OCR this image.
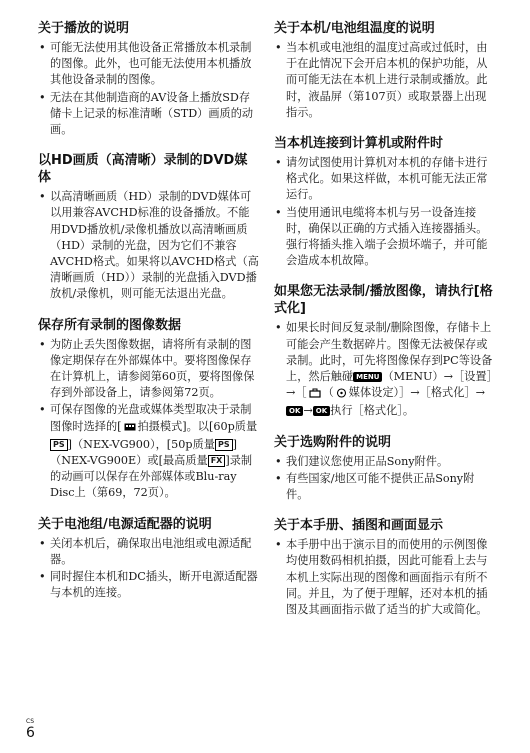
关于播放的说明
• 可能无法使用其他设备正常播放本机录制的图像。此外，也可能无法使用本机播放其他设备录制的图像。
• 无法在其他制造商的AV设备上播放SD存储卡上记录的标准清晰（STD）画质的动画。
以HD画质（高清晰）录制的DVD媒体
• 以高清晰画质（HD）录制的DVD媒体可以用兼容AVCHD标准的设备播放。不能用DVD播放机/录像机播放以高清晰画质（HD）录制的光盘，因为它们不兼容AVCHD格式。如果将以AVCHD格式（高清晰画质（HD））录制的光盘插入DVD播放机/录像机，则可能无法退出光盘。
保存所有录制的图像数据
• 为防止丢失图像数据，请将所有录制的图像定期保存在外部媒体中。要将图像保存在计算机上，请参阅第60页，要将图像保存到外部设备上，请参阅第72页。
• 可保存图像的光盘或媒体类型取决于录制图像时选择的[ 拍摄模式]。以[60p质量PS ]（NEX-VG900），[50p质量 PS ]（NEX-VG900E）或[最高质量 FX ]录制的动画可以保存在外部媒体或Blu-ray Disc上（第69，72页）。
关于电池组/电源适配器的说明
• 关闭本机后，确保取出电池组或电源适配器。
• 同时握住本机和DC插头，断开电源适配器与本机的连接。
关于本机/电池组温度的说明
• 当本机或电池组的温度过高或过低时，由于在此情况下会开启本机的保护功能，从而可能无法在本机上进行录制或播放。此时，液晶屏（第107页）或取景器上出现指示。
当本机连接到计算机或附件时
• 请勿试图使用计算机对本机的存储卡进行格式化。如果这样做，本机可能无法正常运行。
• 当使用通讯电缆将本机与另一设备连接时，确保以正确的方式插入连接器插头。强行将插头推入端子会损坏端子，并可能会造成本机故障。
如果您无法录制/播放图像，请执行[格式化]
• 如果长时间反复录制/删除图像，存储卡上可能会产生数据碎片。图像无法被保存或录制。此时，可先将图像保存到PC等设备上，然后触碰 MENU （MENU）→［设置］→［ （ 媒体设定）］→［格式化］→OK → OK 执行［格式化］。
关于选购附件的说明
• 我们建议您使用正品Sony附件。
• 有些国家/地区可能不提供正品Sony附件。
关于本手册、插图和画面显示
• 本手册中出于演示目的而使用的示例图像均使用数码相机拍摄，因此可能看上去与本机上实际出现的图像和画面指示有所不同。并且，为了便于理解，还对本机的插图及其画面指示做了适当的扩大或简化。
CS
6
